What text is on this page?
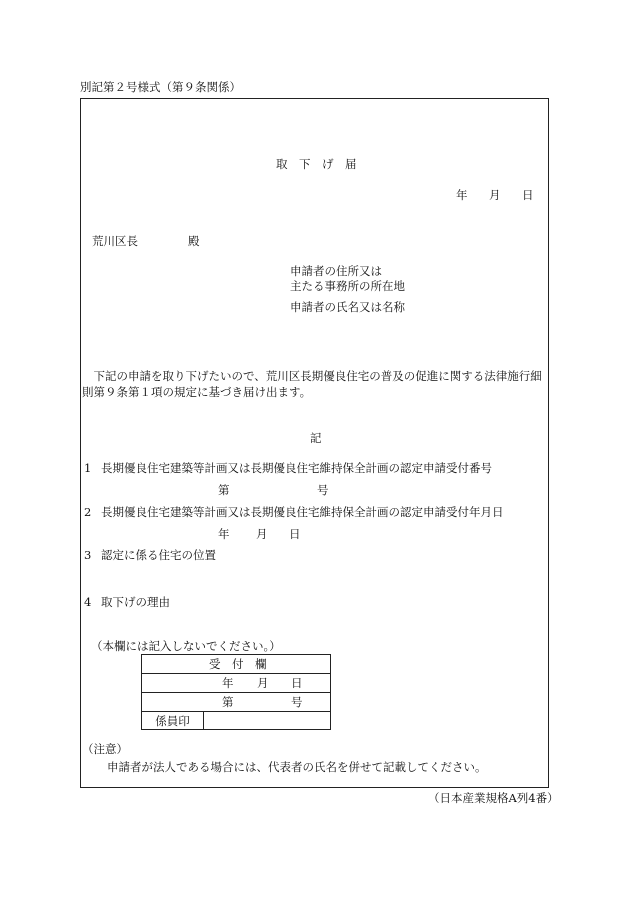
別記第２号様式（第９条関係）
取　下　げ　届
年 月 日
荒川区長	殿
申請者の住所又は
主たる事務所の所在地
申請者の氏名又は名称
　下記の申請を取り下げたいので、荒川区長期優良住宅の普及の促進に関する法律施行細
則第９条第１項の規定に基づき届け出ます。
記
1 長期優良住宅建築等計画又は長期優良住宅維持保全計画の認定申請受付番号
第	号
2 長期優良住宅建築等計画又は長期優良住宅維持保全計画の認定申請受付年月日
年 月 日
3 認定に係る住宅の位置
4 取下げの理由
（本欄には記入しないでください。）
受　付　欄
年 月 日
第	号
係員印
（注意）
申請者が法人である場合には、代表者の氏名を併せて記載してください。
（日本産業規格A列4番）
